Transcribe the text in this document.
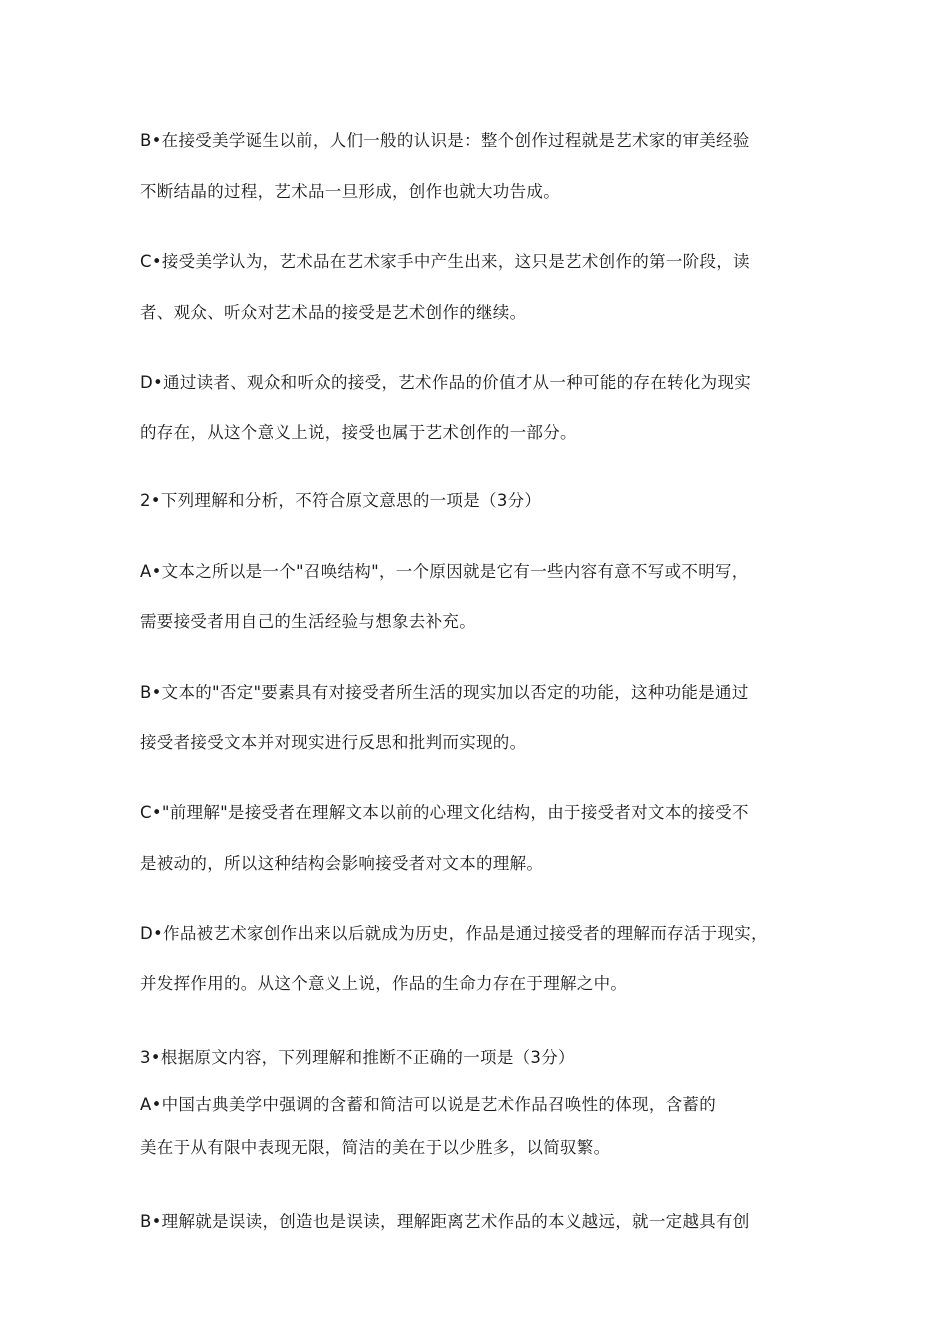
B•在接受美学诞生以前，人们一般的认识是：整个创作过程就是艺术家的审美经验
不断结晶的过程，艺术品一旦形成，创作也就大功告成。
C•接受美学认为，艺术品在艺术家手中产生出来，这只是艺术创作的第一阶段，读
者、观众、听众对艺术品的接受是艺术创作的继续。
D•通过读者、观众和听众的接受，艺术作品的价值才从一种可能的存在转化为现实
的存在，从这个意义上说，接受也属于艺术创作的一部分。
2•下列理解和分析，不符合原文意思的一项是（3分）
A•文本之所以是一个"召唤结构"，一个原因就是它有一些内容有意不写或不明写，
需要接受者用自己的生活经验与想象去补充。
B•文本的"否定"要素具有对接受者所生活的现实加以否定的功能，这种功能是通过
接受者接受文本并对现实进行反思和批判而实现的。
C•"前理解"是接受者在理解文本以前的心理文化结构，由于接受者对文本的接受不
是被动的，所以这种结构会影响接受者对文本的理解。
D•作品被艺术家创作出来以后就成为历史，作品是通过接受者的理解而存活于现实，
并发挥作用的。从这个意义上说，作品的生命力存在于理解之中。
3•根据原文内容，下列理解和推断不正确的一项是（3分）
A•中国古典美学中强调的含蓄和简洁可以说是艺术作品召唤性的体现，含蓄的
美在于从有限中表现无限，简洁的美在于以少胜多，以简驭繁。
B•理解就是误读，创造也是误读，理解距离艺术作品的本义越远，就一定越具有创
